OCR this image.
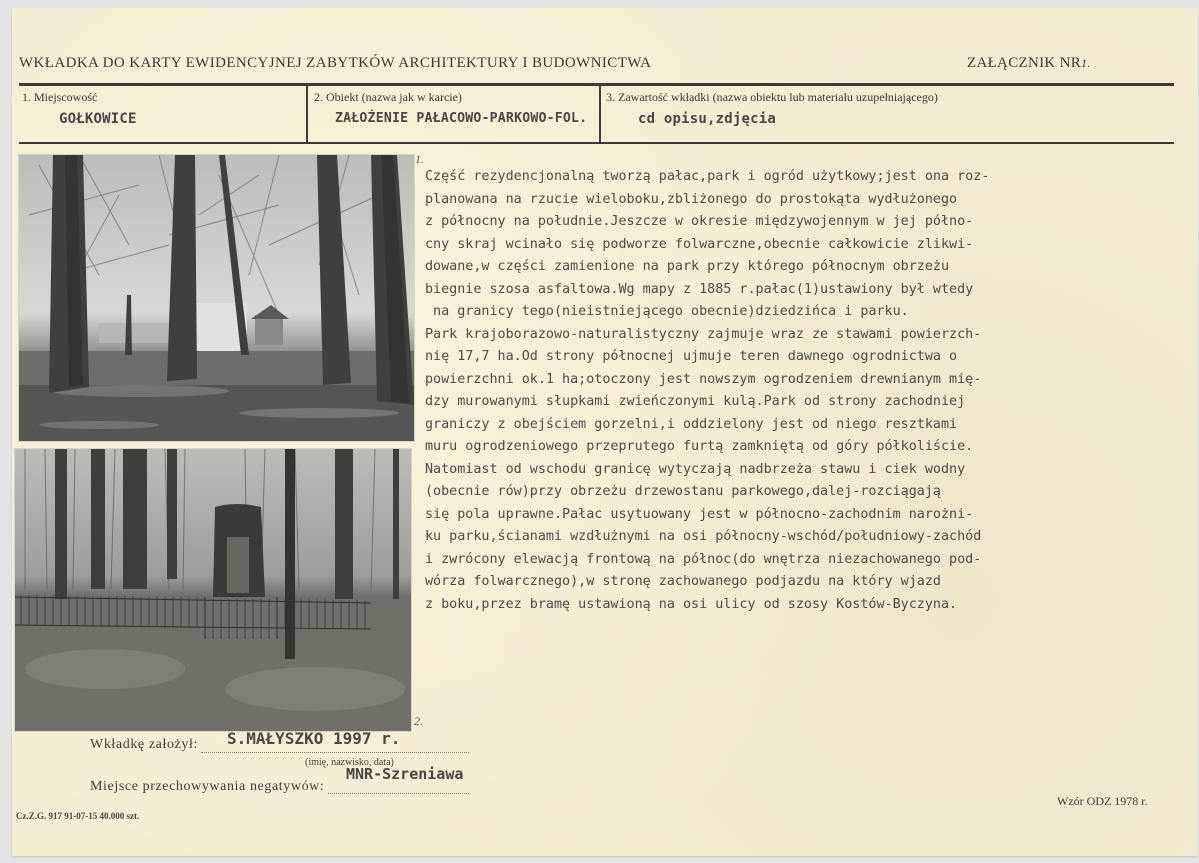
WKŁADKA DO KARTY EWIDENCYJNEJ ZABYTKÓW ARCHITEKTURY I BUDOWNICTWA	ZAŁĄCZNIK NR1.
1. Miejscowość
GOŁKOWICE
2. Obiekt (nazwa jak w karcie)
ZAŁOŻENIE PAŁACOWO-PARKOWO-FOL.
3. Zawartość wkładki (nazwa obiektu lub materiału uzupełniającego)
cd opisu,zdjęcia
1.
2.
Część rezydencjonalną tworzą pałac,park i ogród użytkowy;jest ona roz-
planowana na rzucie wieloboku,zbliżonego do prostokąta wydłużonego
z północny na południe.Jeszcze w okresie międzywojennym w jej półno-
cny skraj wcinało się podworze folwarczne,obecnie całkowicie zlikwi-
dowane,w części zamienione na park przy którego północnym obrzeżu
biegnie szosa asfaltowa.Wg mapy z 1885 r.pałac(1)ustawiony był wtedy
na granicy tego(nieistniejącego obecnie)dziedzińca i parku.
Park krajoborazowo-naturalistyczny zajmuje wraz ze stawami powierzch-
nię 17,7 ha.Od strony północnej ujmuje teren dawnego ogrodnictwa o
powierzchni ok.1 ha;otoczony jest nowszym ogrodzeniem drewnianym mię-
dzy murowanymi słupkami zwieńczonymi kulą.Park od strony zachodniej
graniczy z obejściem gorzelni,i oddzielony jest od niego resztkami
muru ogrodzeniowego przeprutego furtą zamkniętą od góry półkoliście.
Natomiast od wschodu granicę wytyczają nadbrzeża stawu i ciek wodny
(obecnie rów)przy obrzeżu drzewostanu parkowego,dalej-rozciągają
się pola uprawne.Pałac usytuowany jest w północno-zachodnim narożni-
ku parku,ścianami wzdłużnymi na osi północny-wschód/południowy-zachód
i zwrócony elewacją frontową na północ(do wnętrza niezachowanego pod-
wórza folwarcznego),w stronę zachowanego podjazdu na który wjazd
z boku,przez bramę ustawioną na osi ulicy od szosy Kostów-Byczyna.
Wkładkę założył: S.MAŁYSZKO 1997 r.
(imię, nazwisko, data)
Miejsce przechowywania negatywów:
MNR-Szreniawa
Cz.Z.G. 917 91-07-15 40.000 szt.
Wzór ODZ 1978 r.
